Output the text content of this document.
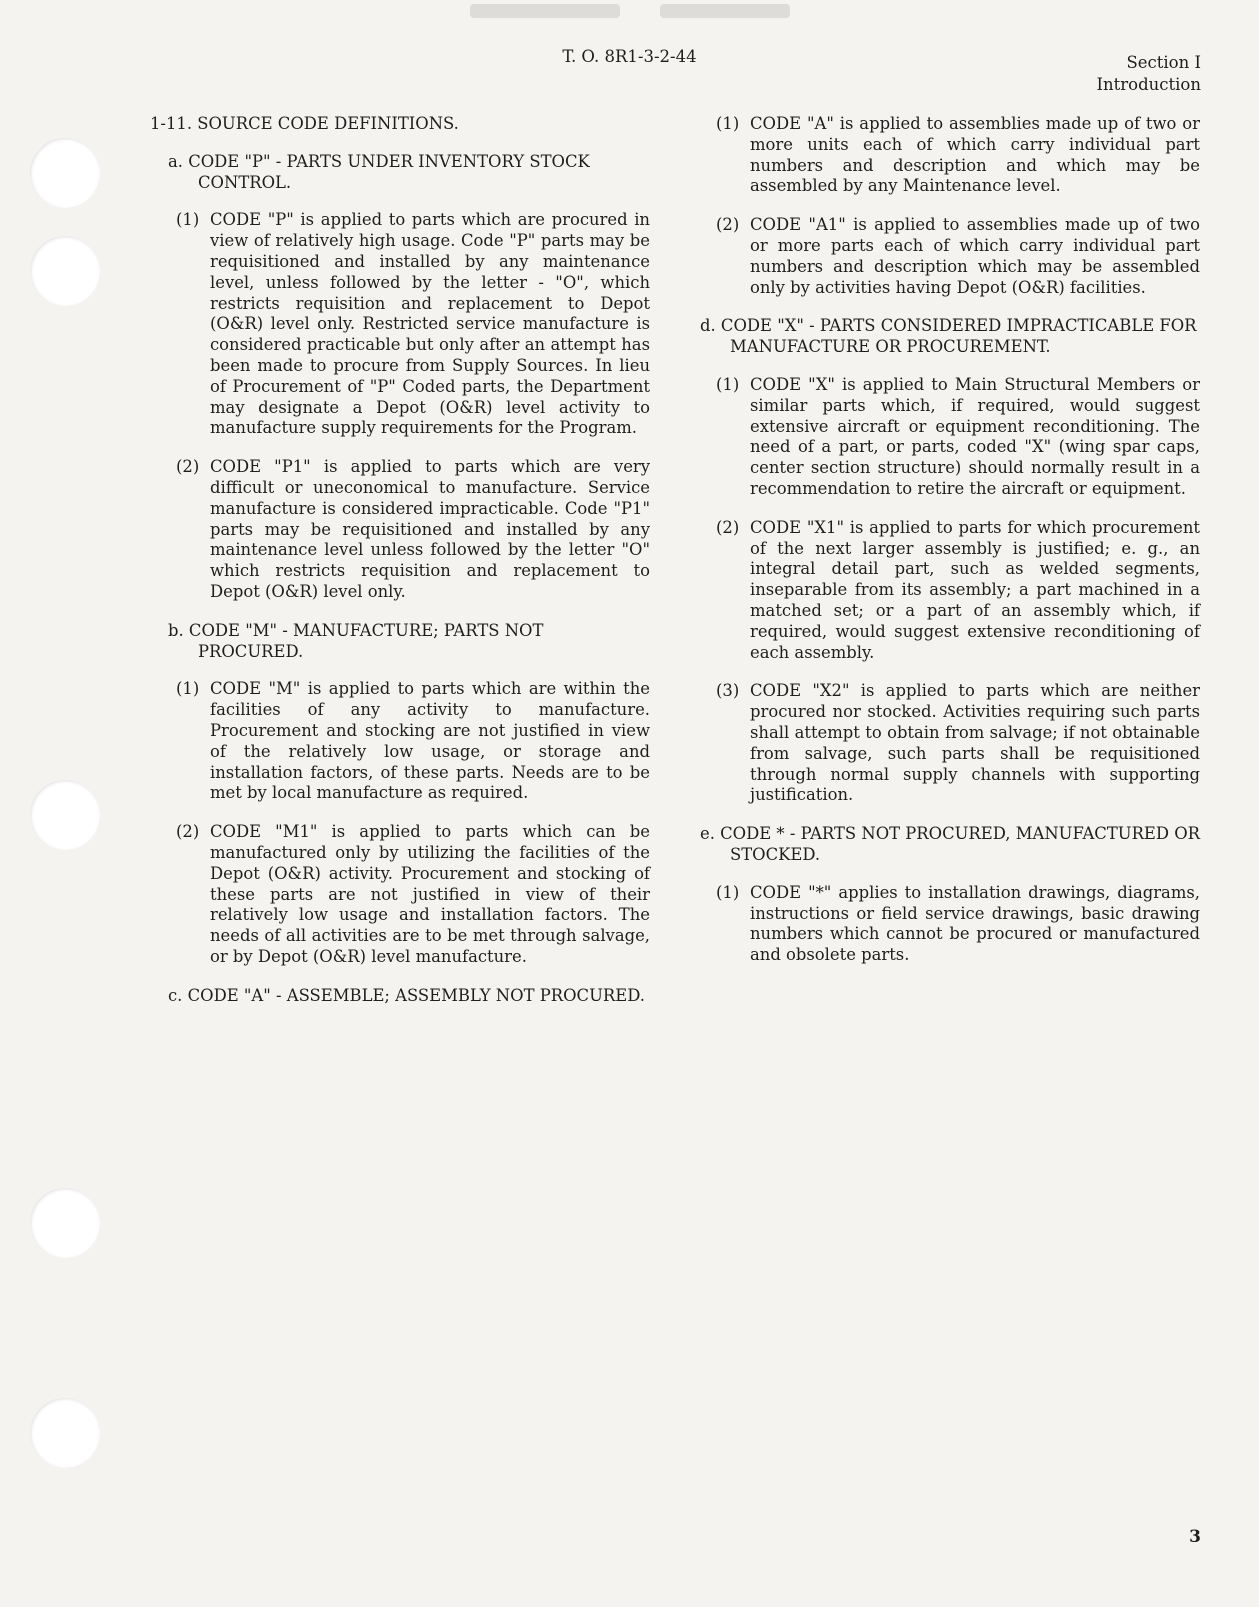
T. O. 8R1-3-2-44	Section I
Introduction
1-11. SOURCE CODE DEFINITIONS.
a. CODE "P" - PARTS UNDER INVENTORY STOCK CONTROL.
(1) CODE "P" is applied to parts which are procured in view of relatively high usage. Code "P" parts may be requisitioned and installed by any maintenance level, unless followed by the letter - "O", which restricts requisition and replacement to Depot (O&R) level only. Restricted service manufacture is considered practicable but only after an attempt has been made to procure from Supply Sources. In lieu of Procurement of "P" Coded parts, the Department may designate a Depot (O&R) level activity to manufacture supply requirements for the Program.
(2) CODE "P1" is applied to parts which are very difficult or uneconomical to manufacture. Service manufacture is considered impracticable. Code "P1" parts may be requisitioned and installed by any maintenance level unless followed by the letter "O" which restricts requisition and replacement to Depot (O&R) level only.
b. CODE "M" - MANUFACTURE; PARTS NOT PROCURED.
(1) CODE "M" is applied to parts which are within the facilities of any activity to manufacture. Procurement and stocking are not justified in view of the relatively low usage, or storage and installation factors, of these parts. Needs are to be met by local manufacture as required.
(2) CODE "M1" is applied to parts which can be manufactured only by utilizing the facilities of the Depot (O&R) activity. Procurement and stocking of these parts are not justified in view of their relatively low usage and installation factors. The needs of all activities are to be met through salvage, or by Depot (O&R) level manufacture.
c. CODE "A" - ASSEMBLE; ASSEMBLY NOT PROCURED.
(1) CODE "A" is applied to assemblies made up of two or more units each of which carry individual part numbers and description and which may be assembled by any Maintenance level.
(2) CODE "A1" is applied to assemblies made up of two or more parts each of which carry individual part numbers and description which may be assembled only by activities having Depot (O&R) facilities.
d. CODE "X" - PARTS CONSIDERED IMPRACTICABLE FOR MANUFACTURE OR PROCUREMENT.
(1) CODE "X" is applied to Main Structural Members or similar parts which, if required, would suggest extensive aircraft or equipment reconditioning. The need of a part, or parts, coded "X" (wing spar caps, center section structure) should normally result in a recommendation to retire the aircraft or equipment.
(2) CODE "X1" is applied to parts for which procurement of the next larger assembly is justified; e. g., an integral detail part, such as welded segments, inseparable from its assembly; a part machined in a matched set; or a part of an assembly which, if required, would suggest extensive reconditioning of each assembly.
(3) CODE "X2" is applied to parts which are neither procured nor stocked. Activities requiring such parts shall attempt to obtain from salvage; if not obtainable from salvage, such parts shall be requisitioned through normal supply channels with supporting justification.
e. CODE * - PARTS NOT PROCURED, MANUFACTURED OR STOCKED.
(1) CODE "*" applies to installation drawings, diagrams, instructions or field service drawings, basic drawing numbers which cannot be procured or manufactured and obsolete parts.
3
